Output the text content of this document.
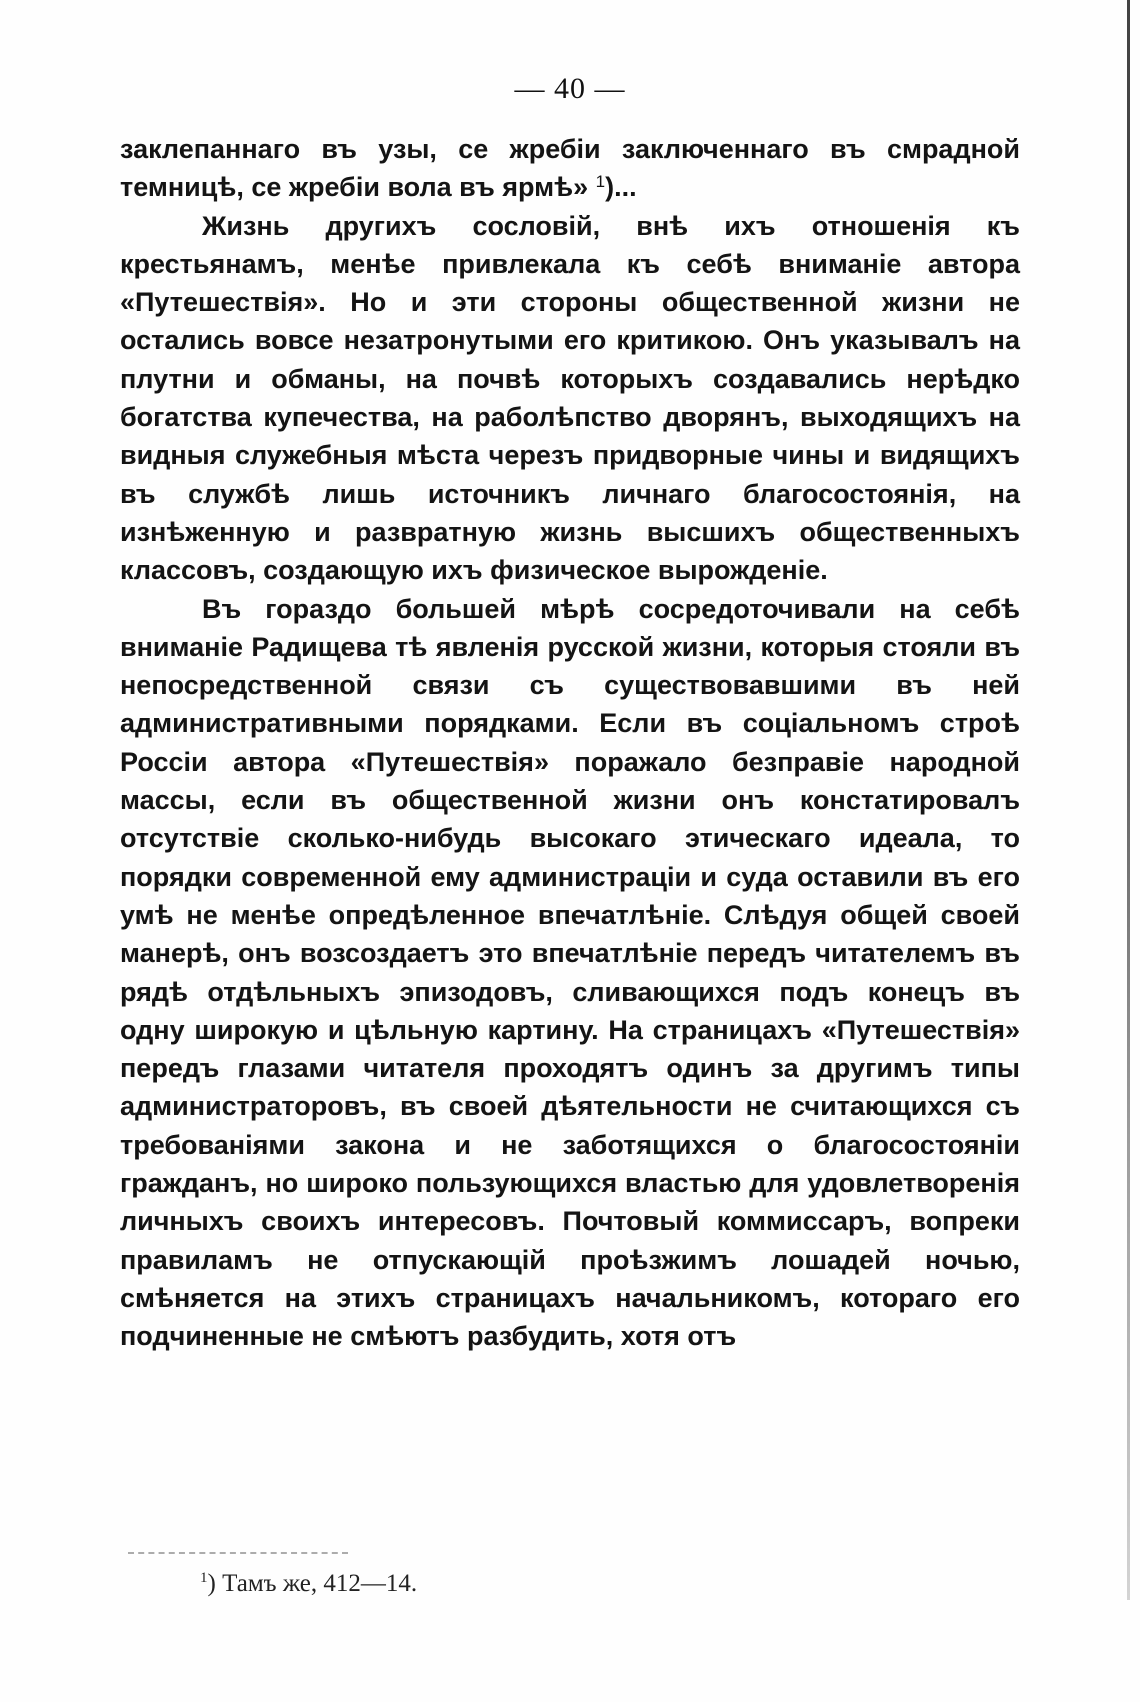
— 40 —

заклепаннаго въ узы, се жребіи заключеннаго въ смрадной темницѣ, се жребіи вола въ ярмѣ» $^1$)...

Жизнь другихъ сословій, внѣ ихъ отношенія къ крестьянамъ, менѣе привлекала къ себѣ вниманіе автора «Путешествія». Но и эти стороны общественной жизни не остались вовсе незатронутыми его критикою. Онъ указывалъ на плутни и обманы, на почвѣ которыхъ создавались нерѣдко богатства купечества, на раболѣпство дворянъ, выходящихъ на видныя служебныя мѣста черезъ придворные чины и видящихъ въ службѣ лишь источникъ личнаго благосостоянія, на изнѣженную и развратную жизнь высшихъ общественныхъ классовъ, создающую ихъ физическое вырожденіе.

Въ гораздо большей мѣрѣ сосредоточивали на себѣ вниманіе Радищева тѣ явленія русской жизни, которыя стояли въ непосредственной связи съ существовавшими въ ней административными порядками. Если въ соціальномъ строѣ Россіи автора «Путешествія» поражало безправіе народной массы, если въ общественной жизни онъ констатировалъ отсутствіе сколько-нибудь высокаго этическаго идеала, то порядки современной ему администраціи и суда оставили въ его умѣ не менѣе опредѣленное впечатлѣніе. Слѣдуя общей своей манерѣ, онъ возсоздаетъ это впечатлѣніе передъ читателемъ въ рядѣ отдѣльныхъ эпизодовъ, сливающихся подъ конецъ въ одну широкую и цѣльную картину. На страницахъ «Путешествія» передъ глазами читателя проходятъ одинъ за другимъ типы администраторовъ, въ своей дѣятельности не считающихся съ требованіями закона и не заботящихся о благосостояніи гражданъ, но широко пользующихся властью для удовлетворенія личныхъ своихъ интересовъ. Почтовый коммиссаръ, вопреки правиламъ не отпускающій проѣзжимъ лошадей ночью, смѣняется на этихъ страницахъ начальникомъ, котораго его подчиненные не смѣютъ разбудить, хотя отъ

$^1$) Тамъ же, 412—14.
